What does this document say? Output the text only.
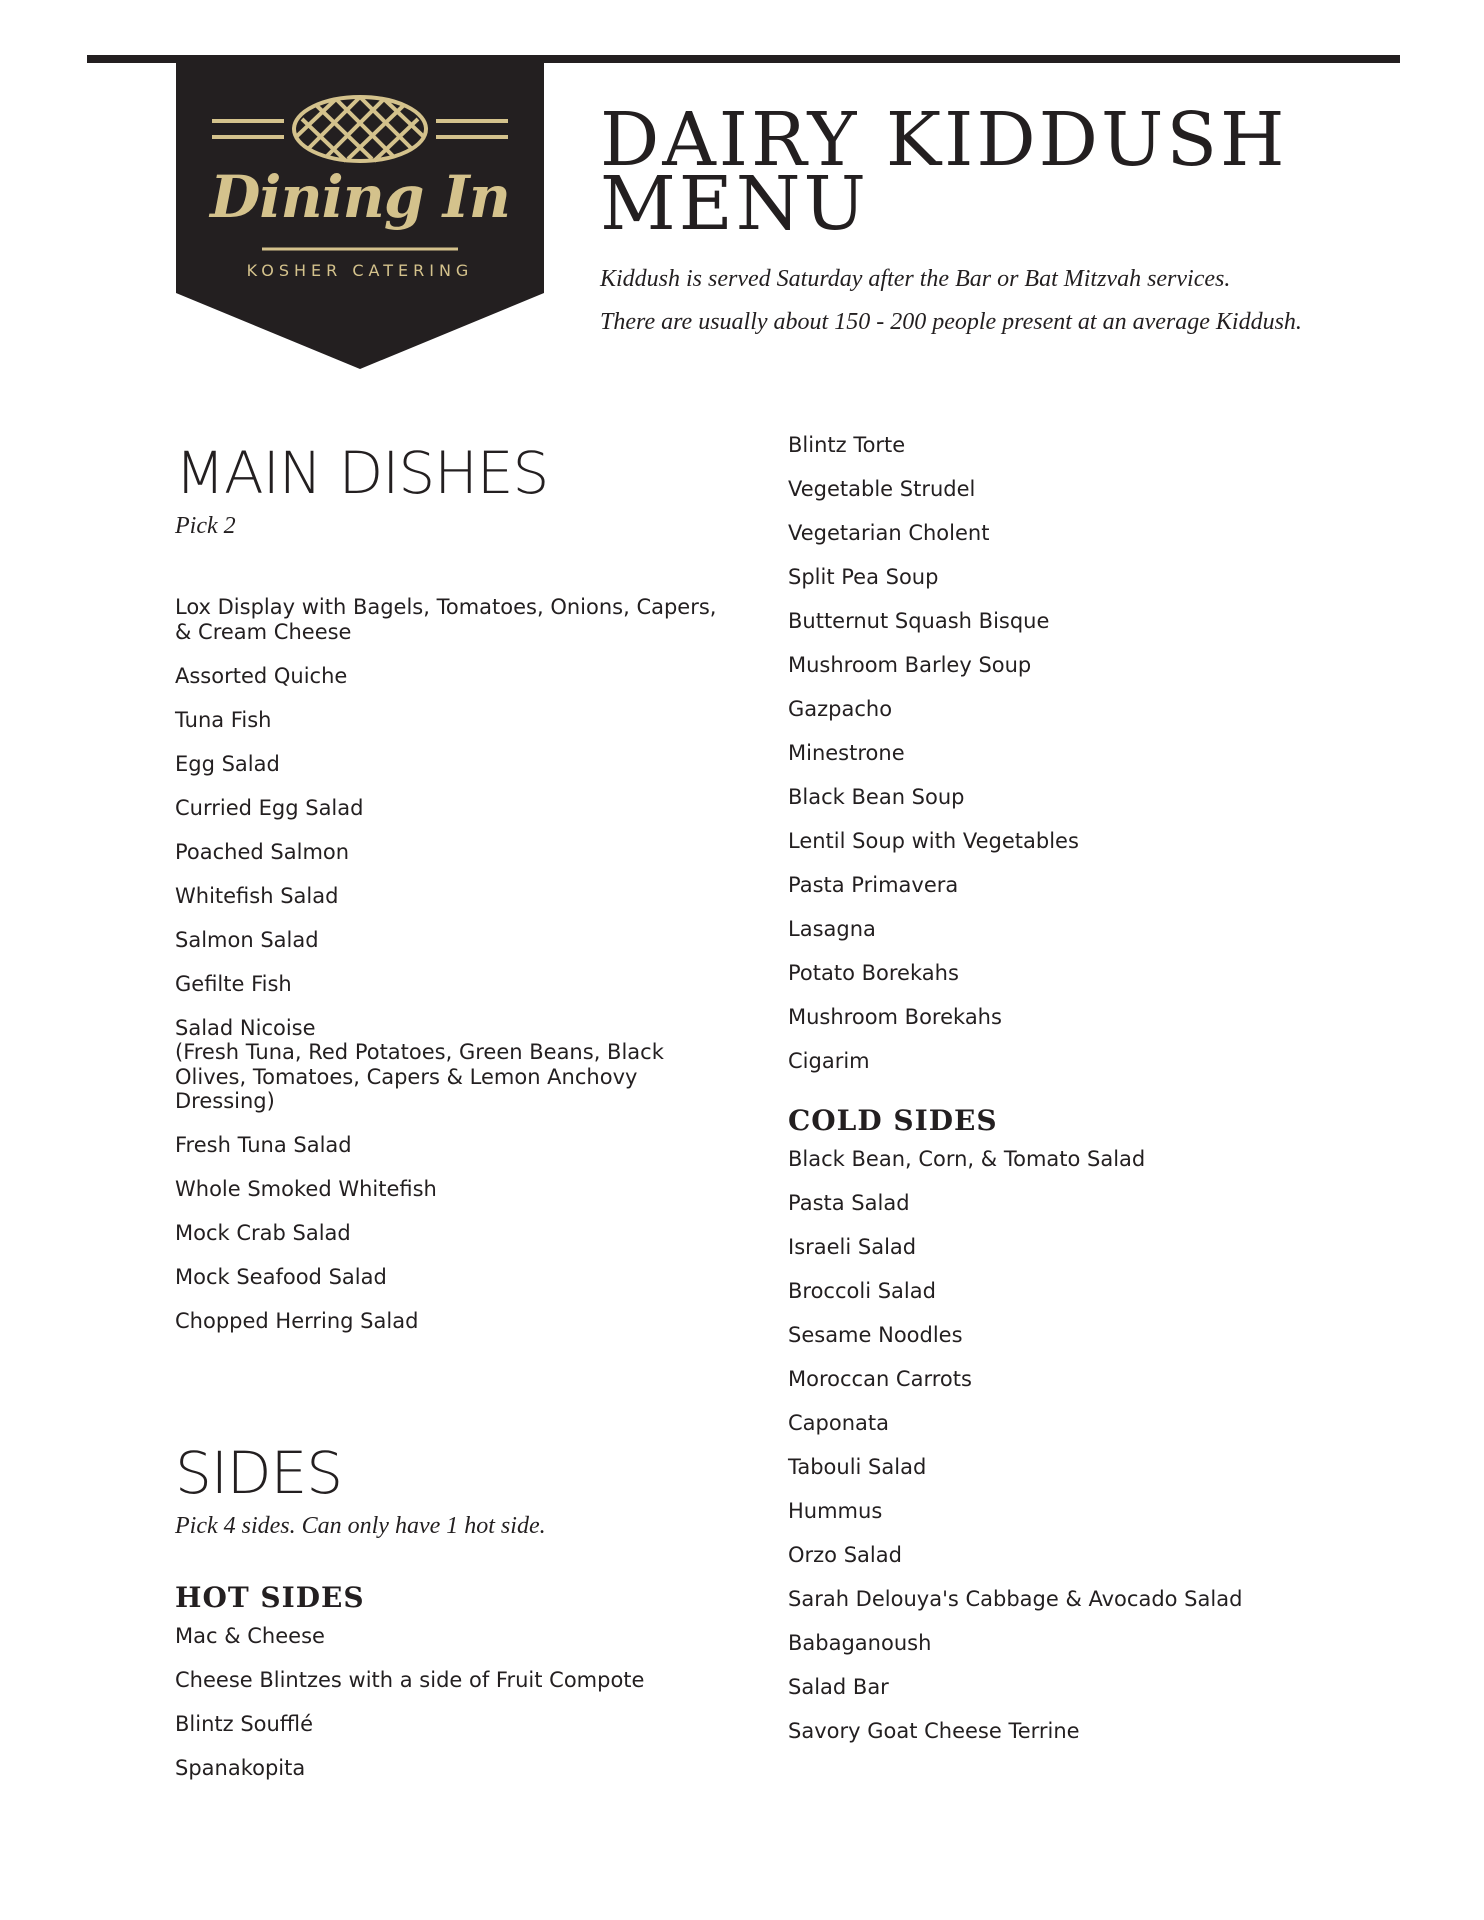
Dining In
KOSHER CATERING
DAIRY KIDDUSH
MENU
Kiddush is served Saturday after the Bar or Bat Mitzvah services.
There are usually about 150 - 200 people present at an average Kiddush.
MAIN DISHES
Pick 2
Lox Display with Bagels, Tomatoes, Onions, Capers,
& Cream Cheese
Assorted Quiche
Tuna Fish
Egg Salad
Curried Egg Salad
Poached Salmon
Whitefish Salad
Salmon Salad
Gefilte Fish
Salad Nicoise
(Fresh Tuna, Red Potatoes, Green Beans, Black
Olives, Tomatoes, Capers & Lemon Anchovy
Dressing)
Fresh Tuna Salad
Whole Smoked Whitefish
Mock Crab Salad
Mock Seafood Salad
Chopped Herring Salad
SIDES
Pick 4 sides. Can only have 1 hot side.
HOT SIDES
Mac & Cheese
Cheese Blintzes with a side of Fruit Compote
Blintz Soufflé
Spanakopita
Blintz Torte
Vegetable Strudel
Vegetarian Cholent
Split Pea Soup
Butternut Squash Bisque
Mushroom Barley Soup
Gazpacho
Minestrone
Black Bean Soup
Lentil Soup with Vegetables
Pasta Primavera
Lasagna
Potato Borekahs
Mushroom Borekahs
Cigarim
COLD SIDES
Black Bean, Corn, & Tomato Salad
Pasta Salad
Israeli Salad
Broccoli Salad
Sesame Noodles
Moroccan Carrots
Caponata
Tabouli Salad
Hummus
Orzo Salad
Sarah Delouya's Cabbage & Avocado Salad
Babaganoush
Salad Bar
Savory Goat Cheese Terrine
